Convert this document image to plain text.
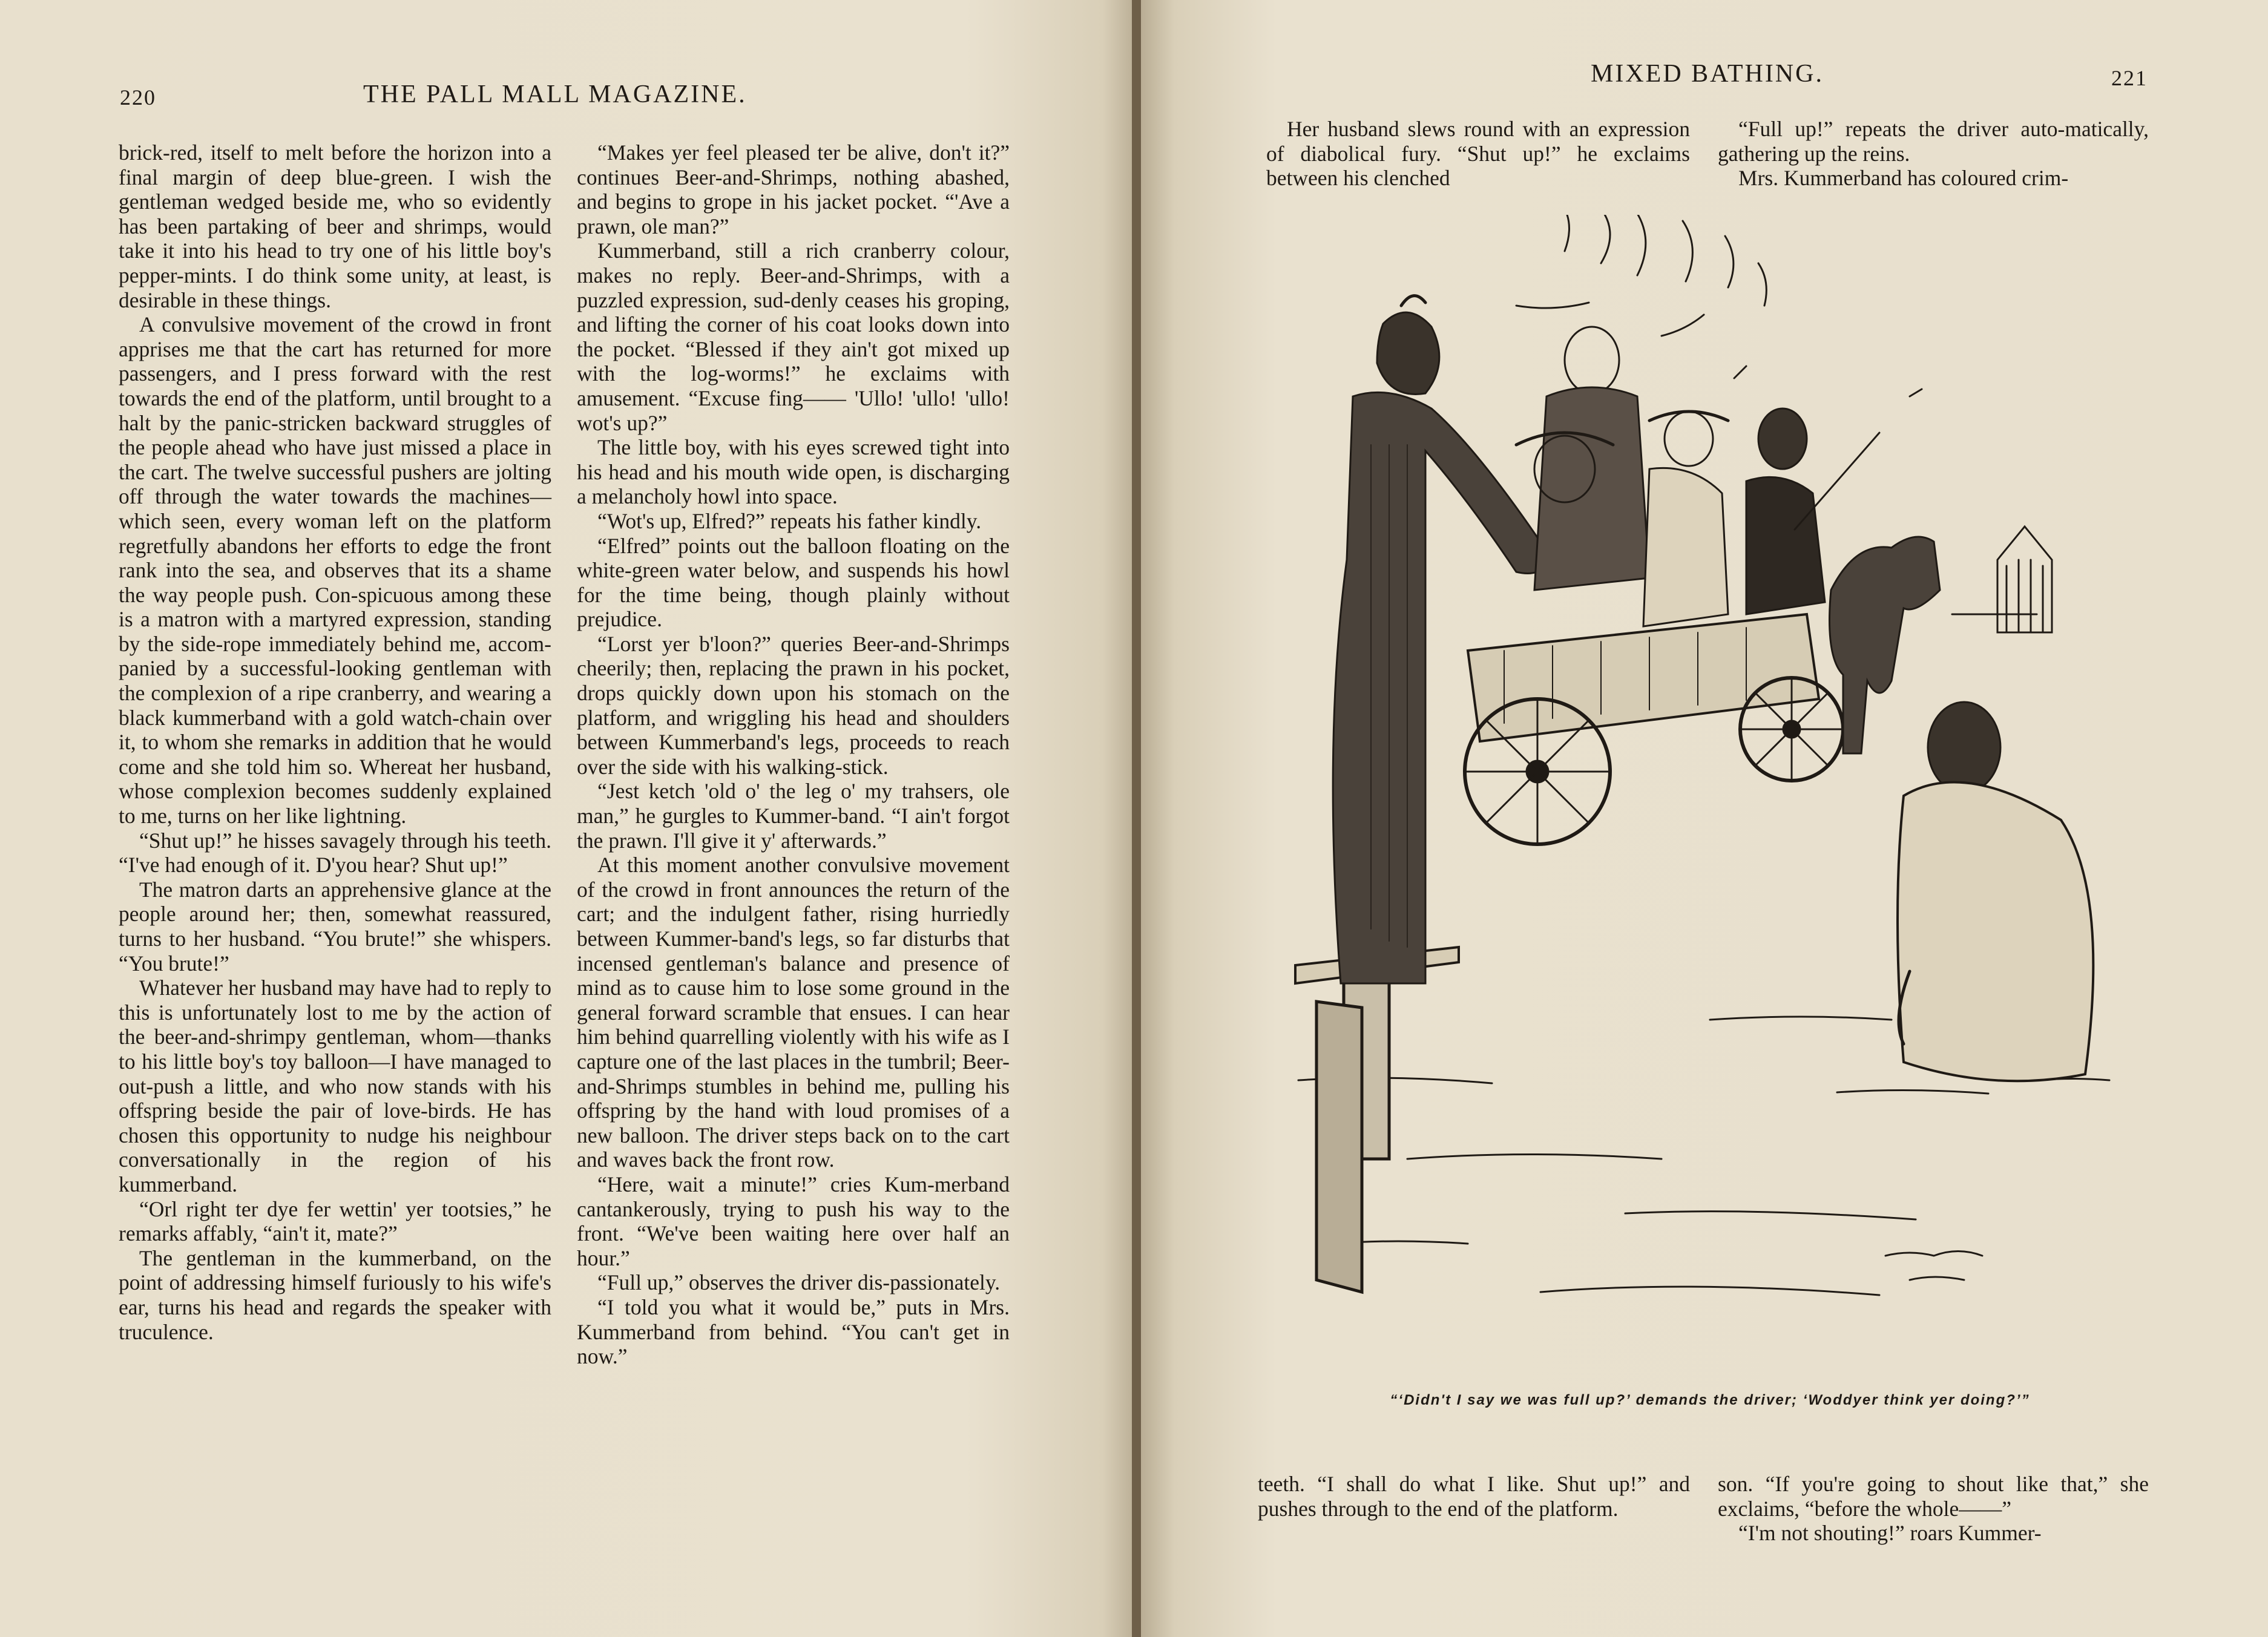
220	THE PALL MALL MAGAZINE.

brick-red, itself to melt before the horizon into a final margin of deep blue-green. I wish the gentleman wedged beside me, who so evidently has been partaking of beer and shrimps, would take it into his head to try one of his little boy's pepper-mints. I do think some unity, at least, is desirable in these things.

A convulsive movement of the crowd in front apprises me that the cart has returned for more passengers, and I press forward with the rest towards the end of the platform, until brought to a halt by the panic-stricken backward struggles of the people ahead who have just missed a place in the cart. The twelve successful pushers are jolting off through the water towards the machines—which seen, every woman left on the platform regretfully abandons her efforts to edge the front rank into the sea, and observes that its a shame the way people push. Con-spicuous among these is a matron with a martyred expression, standing by the side-rope immediately behind me, accom-panied by a successful-looking gentleman with the complexion of a ripe cranberry, and wearing a black kummerband with a gold watch-chain over it, to whom she remarks in addition that he would come and she told him so. Whereat her husband, whose complexion becomes suddenly explained to me, turns on her like lightning.

“Shut up!” he hisses savagely through his teeth. “I've had enough of it. D'you hear? Shut up!”

The matron darts an apprehensive glance at the people around her; then, somewhat reassured, turns to her husband. “You brute!” she whispers. “You brute!”

Whatever her husband may have had to reply to this is unfortunately lost to me by the action of the beer-and-shrimpy gentleman, whom—thanks to his little boy's toy balloon—I have managed to out-push a little, and who now stands with his offspring beside the pair of love-birds. He has chosen this opportunity to nudge his neighbour conversationally in the region of his kummerband.

“Orl right ter dye fer wettin' yer tootsies,” he remarks affably, “ain't it, mate?”

The gentleman in the kummerband, on the point of addressing himself furiously to his wife's ear, turns his head and regards the speaker with truculence.

“Makes yer feel pleased ter be alive, don't it?” continues Beer-and-Shrimps, nothing abashed, and begins to grope in his jacket pocket. “'Ave a prawn, ole man?”

Kummerband, still a rich cranberry colour, makes no reply. Beer-and-Shrimps, with a puzzled expression, sud-denly ceases his groping, and lifting the corner of his coat looks down into the pocket. “Blessed if they ain't got mixed up with the log-worms!” he exclaims with amusement. “Excuse fing—— 'Ullo! 'ullo! 'ullo! wot's up?”

The little boy, with his eyes screwed tight into his head and his mouth wide open, is discharging a melancholy howl into space.

“Wot's up, Elfred?” repeats his father kindly.

“Elfred” points out the balloon floating on the white-green water below, and suspends his howl for the time being, though plainly without prejudice.

“Lorst yer b'loon?” queries Beer-and-Shrimps cheerily; then, replacing the prawn in his pocket, drops quickly down upon his stomach on the platform, and wriggling his head and shoulders between Kummerband's legs, proceeds to reach over the side with his walking-stick.

“Jest ketch 'old o' the leg o' my trahsers, ole man,” he gurgles to Kummer-band. “I ain't forgot the prawn. I'll give it y' afterwards.”

At this moment another convulsive movement of the crowd in front announces the return of the cart; and the indulgent father, rising hurriedly between Kummer-band's legs, so far disturbs that incensed gentleman's balance and presence of mind as to cause him to lose some ground in the general forward scramble that ensues. I can hear him behind quarrelling violently with his wife as I capture one of the last places in the tumbril; Beer-and-Shrimps stumbles in behind me, pulling his offspring by the hand with loud promises of a new balloon. The driver steps back on to the cart and waves back the front row.

“Here, wait a minute!” cries Kum-merband cantankerously, trying to push his way to the front. “We've been waiting here over half an hour.”

“Full up,” observes the driver dis-passionately.

“I told you what it would be,” puts in Mrs. Kummerband from behind. “You can't get in now.”

MIXED BATHING.	221

Her husband slews round with an expression of diabolical fury. “Shut up!” he exclaims between his clenched

“Full up!” repeats the driver auto-matically, gathering up the reins.

Mrs. Kummerband has coloured crim-

“‘Didn't I say we was full up?’ demands the driver; ‘Woddyer think yer doing?’”

teeth. “I shall do what I like. Shut up!” and pushes through to the end of the platform.

son. “If you're going to shout like that,” she exclaims, “before the whole——”

“I'm not shouting!” roars Kummer-
